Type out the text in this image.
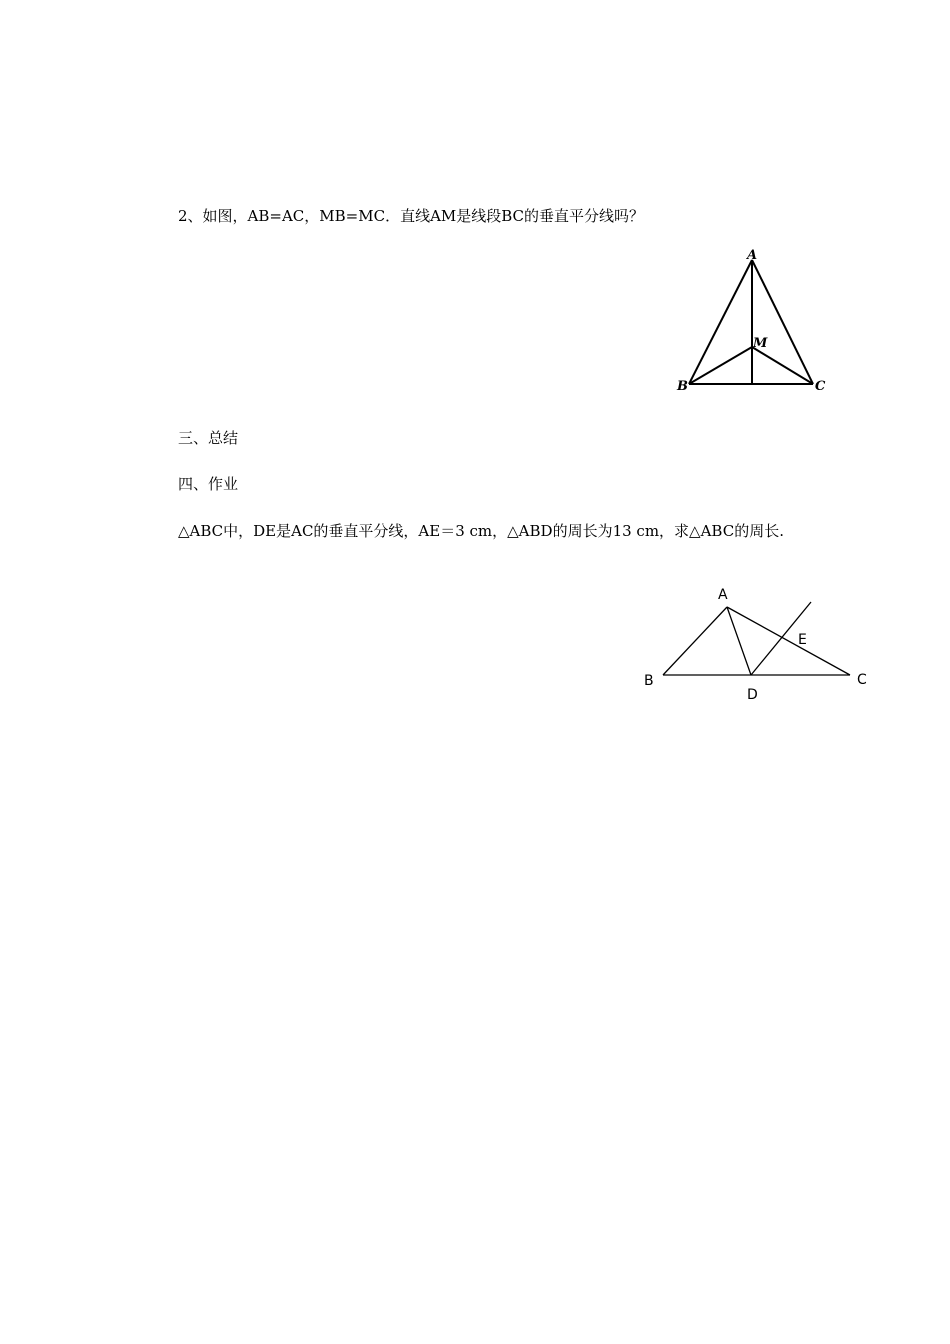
2、如图，AB=AC，MB=MC．直线AM是线段BC的垂直平分线吗？
A
M
B	C
三、总结
四、作业
△ABC中，DE是AC的垂直平分线，AE＝3 cm，△ABD的周长为13 cm，求△ABC的周长.
A
B	C
D
E
